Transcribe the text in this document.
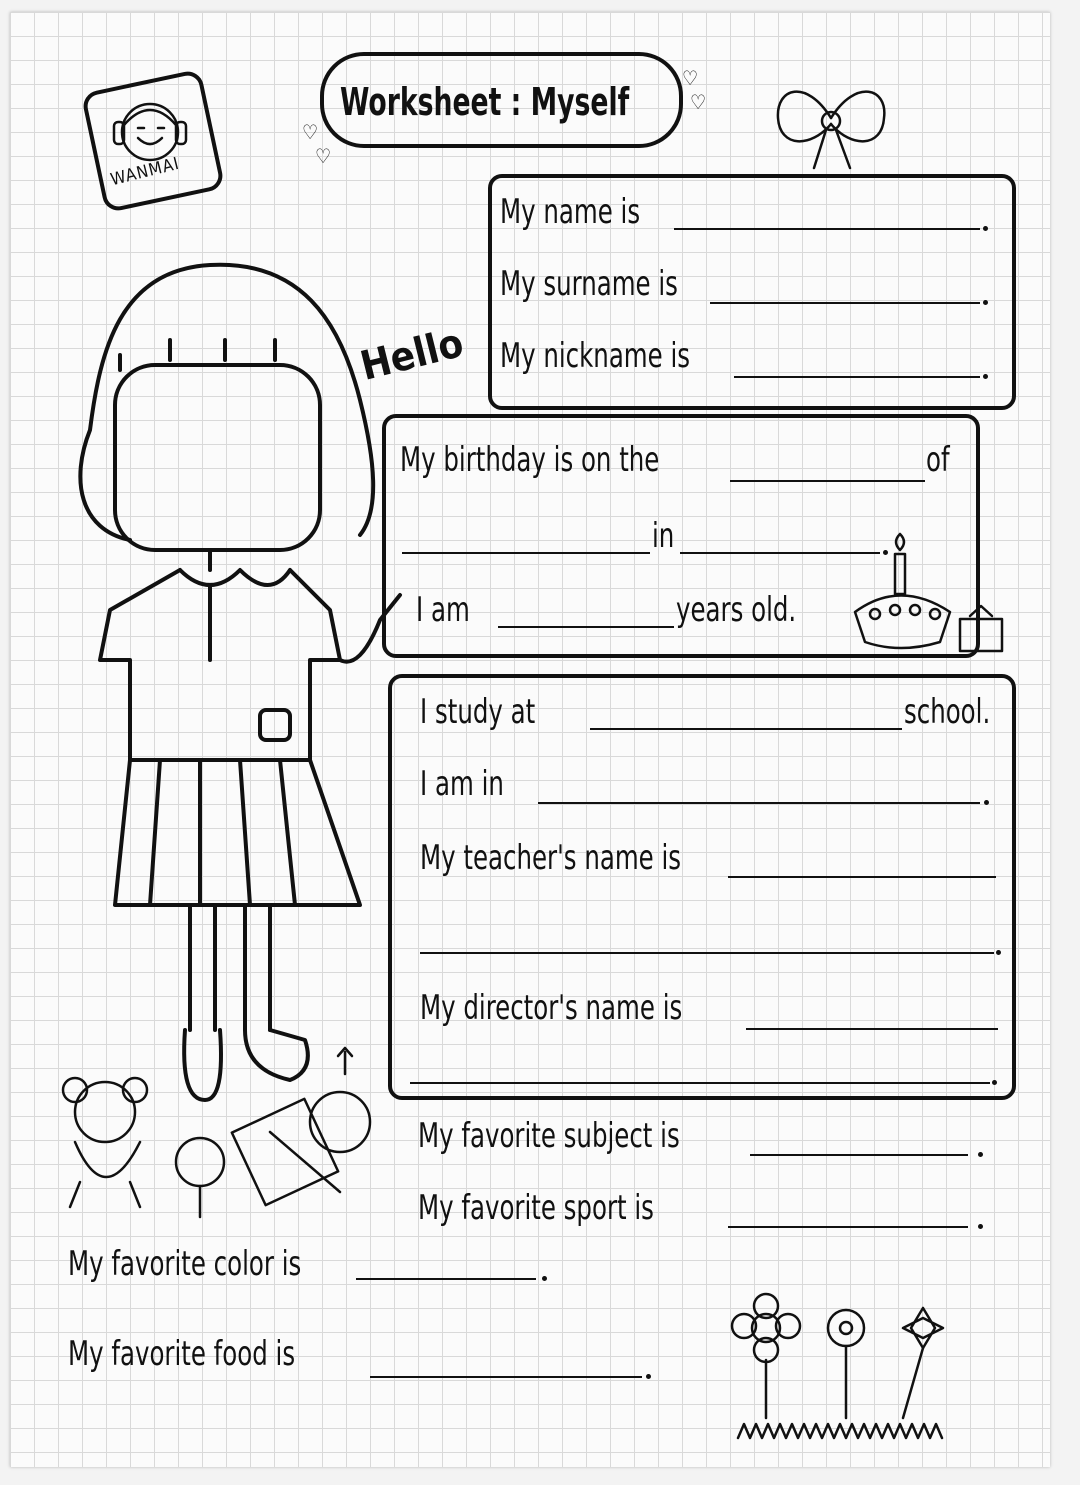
WANMAI
Worksheet : Myself
♡
♡
♡
♡
Hello
My name is
My surname is
My nickname is
My birthday is on the	of
in
I am	years old.
I study at	school.
I am in
My teacher's name is
My director's name is
My favorite subject is
My favorite sport is
My favorite color is
My favorite food is
